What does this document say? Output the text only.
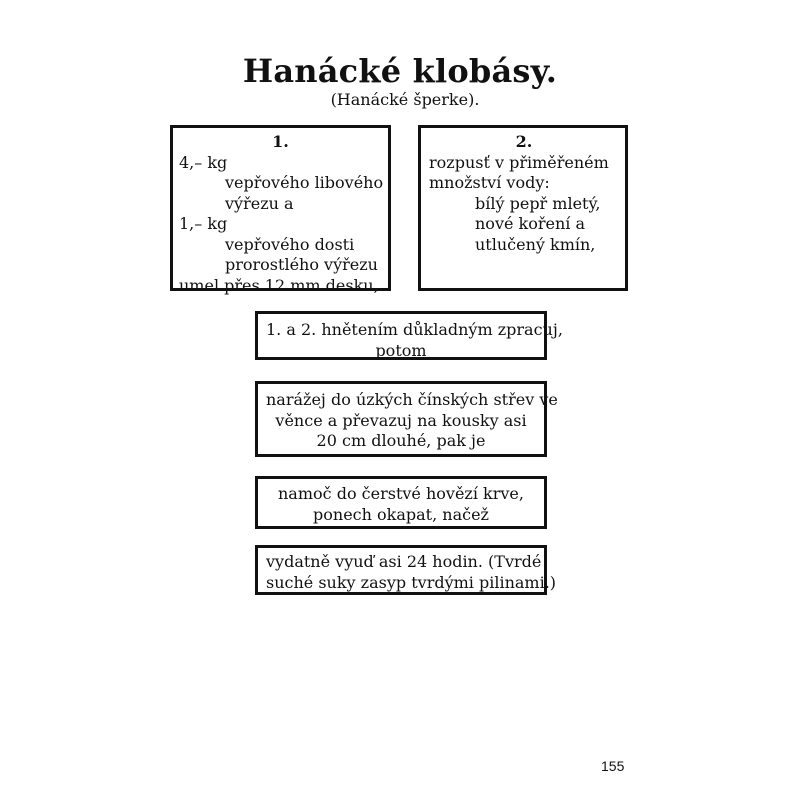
Hanácké klobásy.
(Hanácké šperke).
1.
4,– kg
vepřového libového
výřezu a
1,– kg
vepřového dosti
prorostlého výřezu
umel přes 12 mm desku,
2.
rozpusť v přiměřeném
množství vody:
bílý pepř mletý,
nové koření a
utlučený kmín,
1. a 2. hnětením důkladným zpracuj,
potom
narážej do úzkých čínských střev ve
věnce a převazuj na kousky asi
20 cm dlouhé, pak je
namoč do čerstvé hovězí krve,
ponech okapat, načež
vydatně vyuď asi 24 hodin. (Tvrdé
suché suky zasyp tvrdými pilinami.)
155
